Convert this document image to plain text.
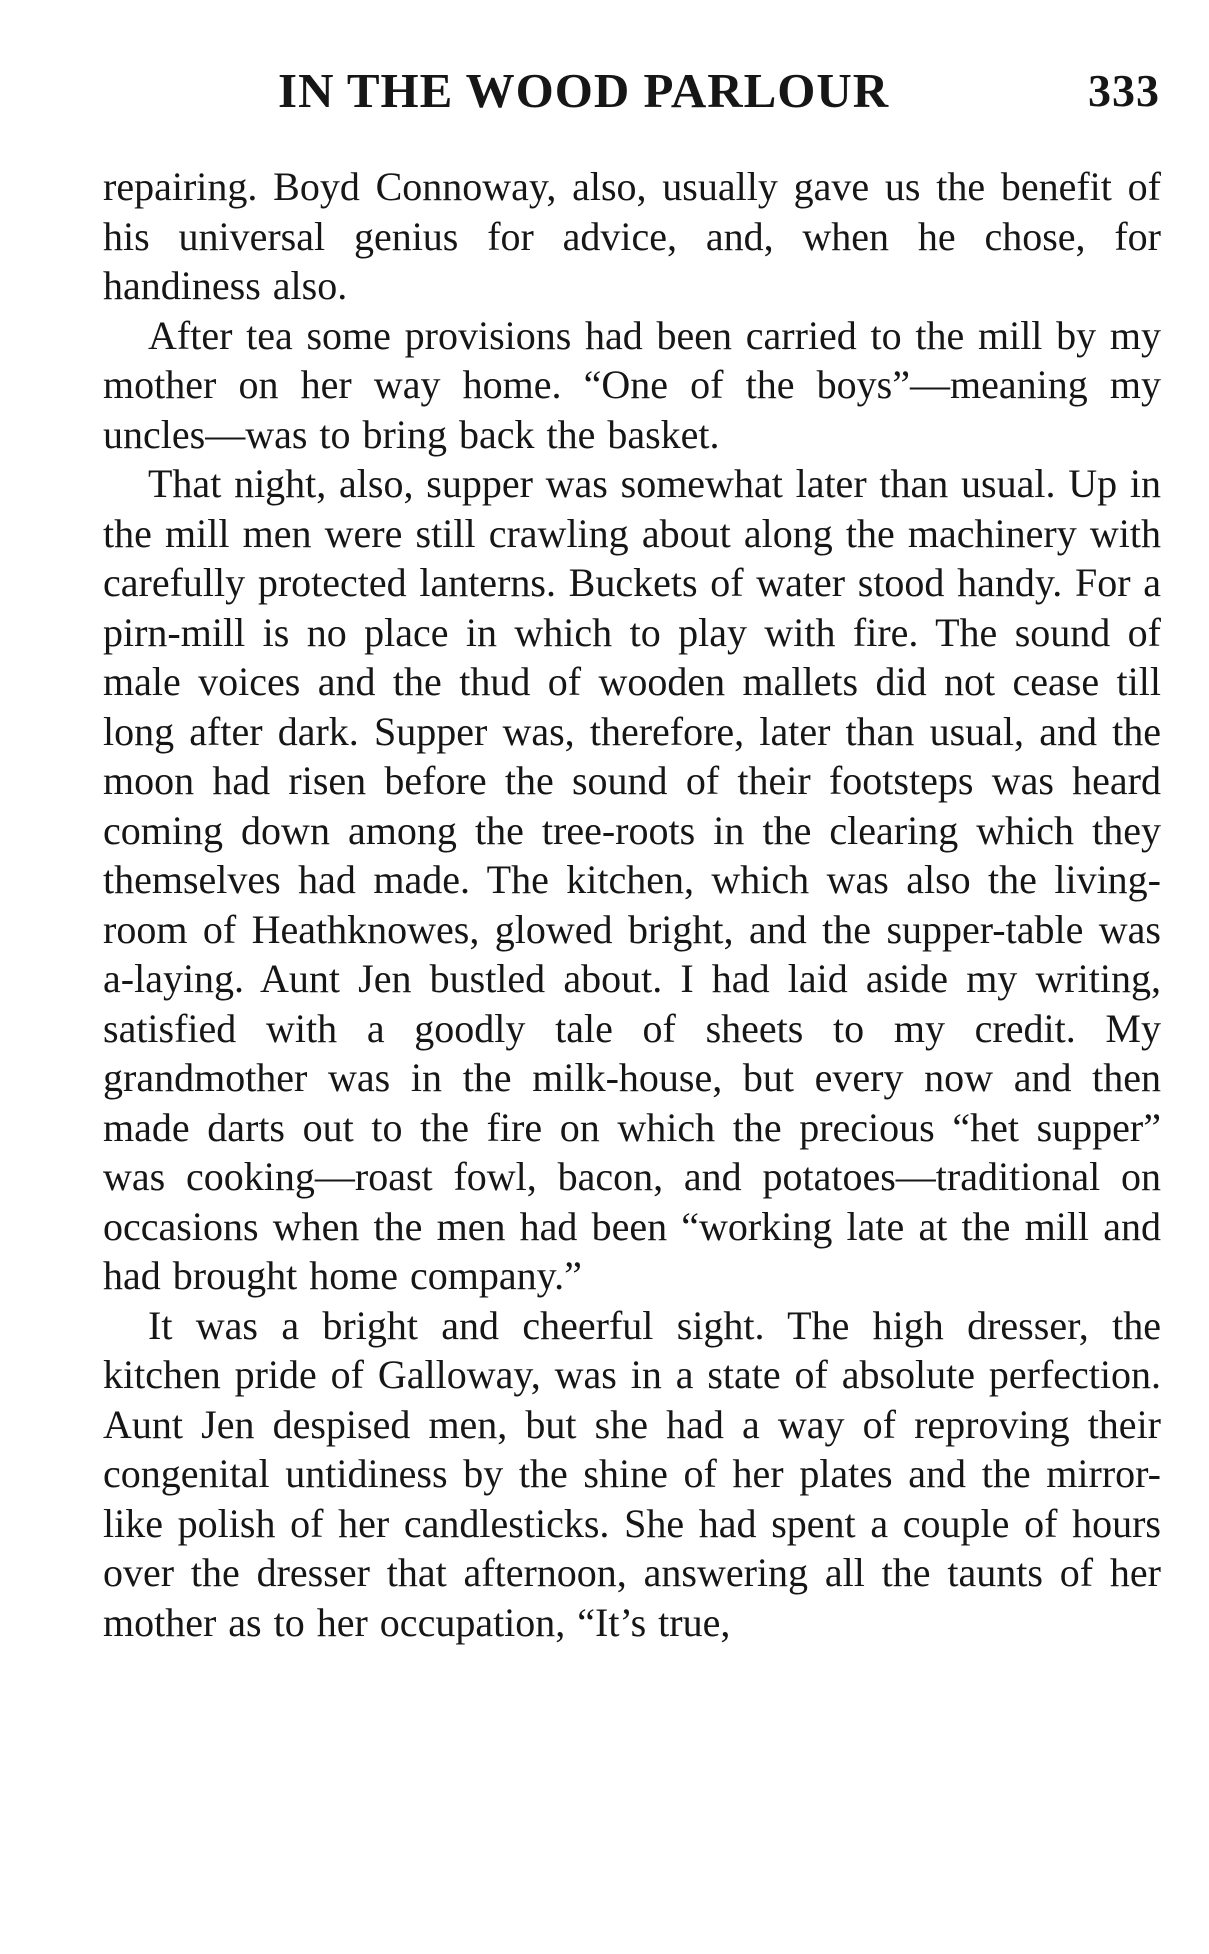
IN THE WOOD PARLOUR	333

repairing. Boyd Connoway, also, usually gave us the benefit of his universal genius for advice, and, when he chose, for handiness also.

After tea some provisions had been carried to the mill by my mother on her way home. “One of the boys”—meaning my uncles—was to bring back the basket.

That night, also, supper was somewhat later than usual. Up in the mill men were still crawling about along the machinery with carefully protected lanterns. Buckets of water stood handy. For a pirn-mill is no place in which to play with fire. The sound of male voices and the thud of wooden mallets did not cease till long after dark. Supper was, therefore, later than usual, and the moon had risen before the sound of their footsteps was heard coming down among the tree-roots in the clearing which they themselves had made. The kitchen, which was also the living-room of Heathknowes, glowed bright, and the supper-table was a-laying. Aunt Jen bustled about. I had laid aside my writing, satisfied with a goodly tale of sheets to my credit. My grandmother was in the milk-house, but every now and then made darts out to the fire on which the precious “het supper” was cooking—roast fowl, bacon, and potatoes—traditional on occasions when the men had been “working late at the mill and had brought home company.”

It was a bright and cheerful sight. The high dresser, the kitchen pride of Galloway, was in a state of absolute perfection. Aunt Jen despised men, but she had a way of reproving their congenital untidiness by the shine of her plates and the mirror-like polish of her candlesticks. She had spent a couple of hours over the dresser that afternoon, answering all the taunts of her mother as to her occupation, “It’s true,
